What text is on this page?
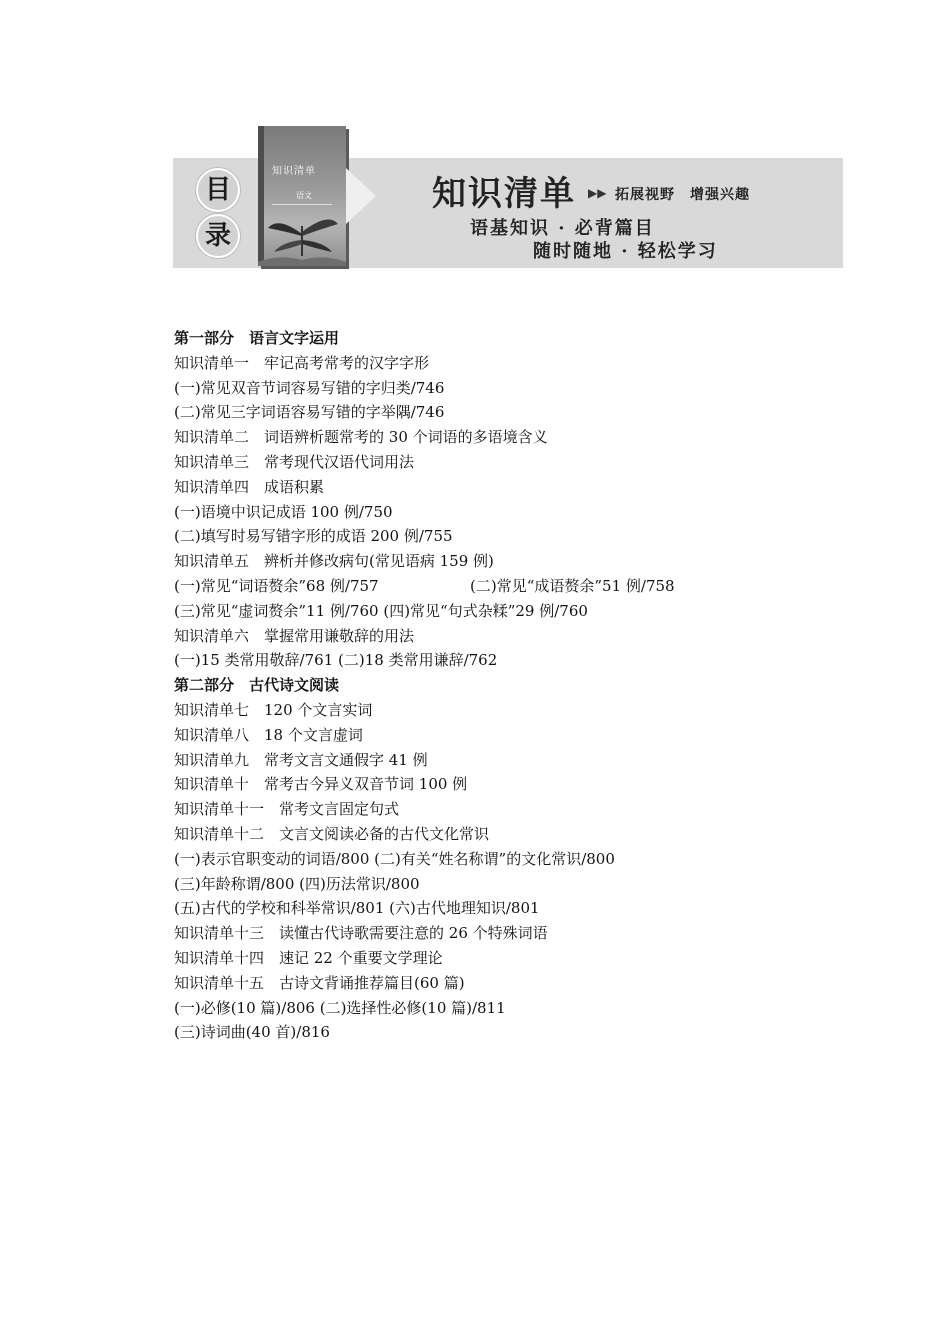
目
录
知识清单
语文	知识清单 ▶▶ 拓展视野　增强兴趣
语基知识 · 必背篇目
随时随地 · 轻松学习
第一部分　语言文字运用
知识清单一　牢记高考常考的汉字字形
(一)常见双音节词容易写错的字归类/746
(二)常见三字词语容易写错的字举隅/746
知识清单二　词语辨析题常考的 30 个词语的多语境含义
知识清单三　常考现代汉语代词用法
知识清单四　成语积累
(一)语境中识记成语 100 例/750
(二)填写时易写错字形的成语 200 例/755
知识清单五　辨析并修改病句(常见语病 159 例)
(一)常见“词语赘余”68 例/757	(二)常见“成语赘余”51 例/758
(三)常见“虚词赘余”11 例/760 (四)常见“句式杂糅”29 例/760
知识清单六　掌握常用谦敬辞的用法
(一)15 类常用敬辞/761 (二)18 类常用谦辞/762
第二部分　古代诗文阅读
知识清单七　120 个文言实词
知识清单八　18 个文言虚词
知识清单九　常考文言文通假字 41 例
知识清单十　常考古今异义双音节词 100 例
知识清单十一　常考文言固定句式
知识清单十二　文言文阅读必备的古代文化常识
(一)表示官职变动的词语/800 (二)有关“姓名称谓”的文化常识/800
(三)年龄称谓/800 (四)历法常识/800
(五)古代的学校和科举常识/801 (六)古代地理知识/801
知识清单十三　读懂古代诗歌需要注意的 26 个特殊词语
知识清单十四　速记 22 个重要文学理论
知识清单十五　古诗文背诵推荐篇目(60 篇)
(一)必修(10 篇)/806 (二)选择性必修(10 篇)/811
(三)诗词曲(40 首)/816
